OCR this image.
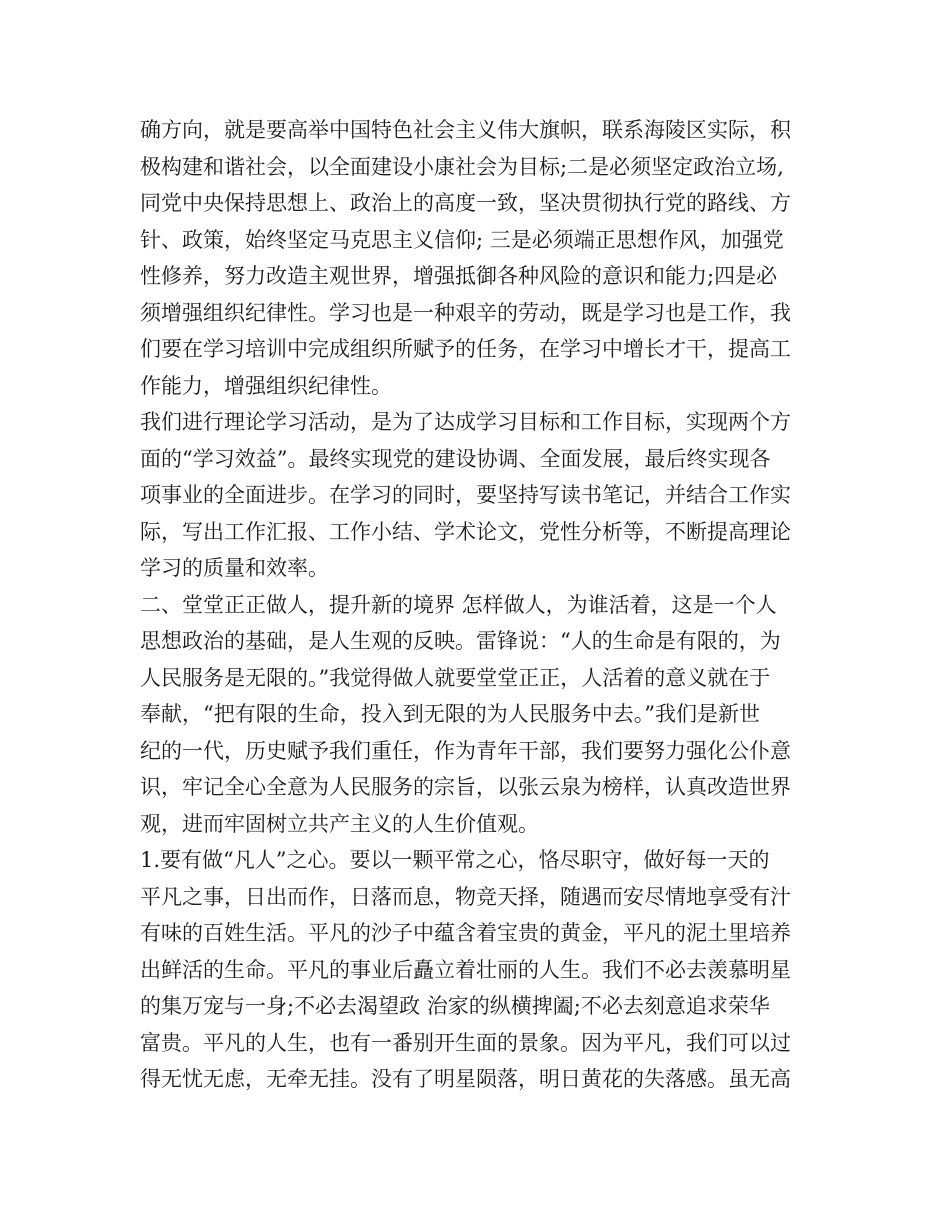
确方向，就是要高举中国特色社会主义伟大旗帜，联系海陵区实际，积
极构建和谐社会，以全面建设小康社会为目标;二是必须坚定政治立场,
同党中央保持思想上、政治上的高度一致，坚决贯彻执行党的路线、方
针、政策，始终坚定马克思主义信仰; 三是必须端正思想作风，加强党
性修养，努力改造主观世界，增强抵御各种风险的意识和能力;四是必
须增强组织纪律性。学习也是一种艰辛的劳动，既是学习也是工作，我
们要在学习培训中完成组织所赋予的任务，在学习中增长才干，提高工
作能力，增强组织纪律性。
我们进行理论学习活动，是为了达成学习目标和工作目标，实现两个方
面的“学习效益”。最终实现党的建设协调、全面发展，最后终实现各
项事业的全面进步。在学习的同时，要坚持写读书笔记，并结合工作实
际，写出工作汇报、工作小结、学术论文，党性分析等，不断提高理论
学习的质量和效率。
二、堂堂正正做人，提升新的境界 怎样做人，为谁活着，这是一个人
思想政治的基础，是人生观的反映。雷锋说：“人的生命是有限的，为
人民服务是无限的。”我觉得做人就要堂堂正正，人活着的意义就在于
奉献，“把有限的生命，投入到无限的为人民服务中去。”我们是新世
纪的一代，历史赋予我们重任，作为青年干部，我们要努力强化公仆意
识，牢记全心全意为人民服务的宗旨，以张云泉为榜样，认真改造世界
观，进而牢固树立共产主义的人生价值观。
1.要有做“凡人”之心。要以一颗平常之心，恪尽职守，做好每一天的
平凡之事，日出而作，日落而息，物竞天择，随遇而安尽情地享受有汁
有味的百姓生活。平凡的沙子中蕴含着宝贵的黄金，平凡的泥土里培养
出鲜活的生命。平凡的事业后矗立着壮丽的人生。我们不必去羡慕明星
的集万宠与一身;不必去渴望政 治家的纵横捭阖;不必去刻意追求荣华
富贵。平凡的人生，也有一番别开生面的景象。因为平凡，我们可以过
得无忧无虑，无牵无挂。没有了明星陨落，明日黄花的失落感。虽无高
